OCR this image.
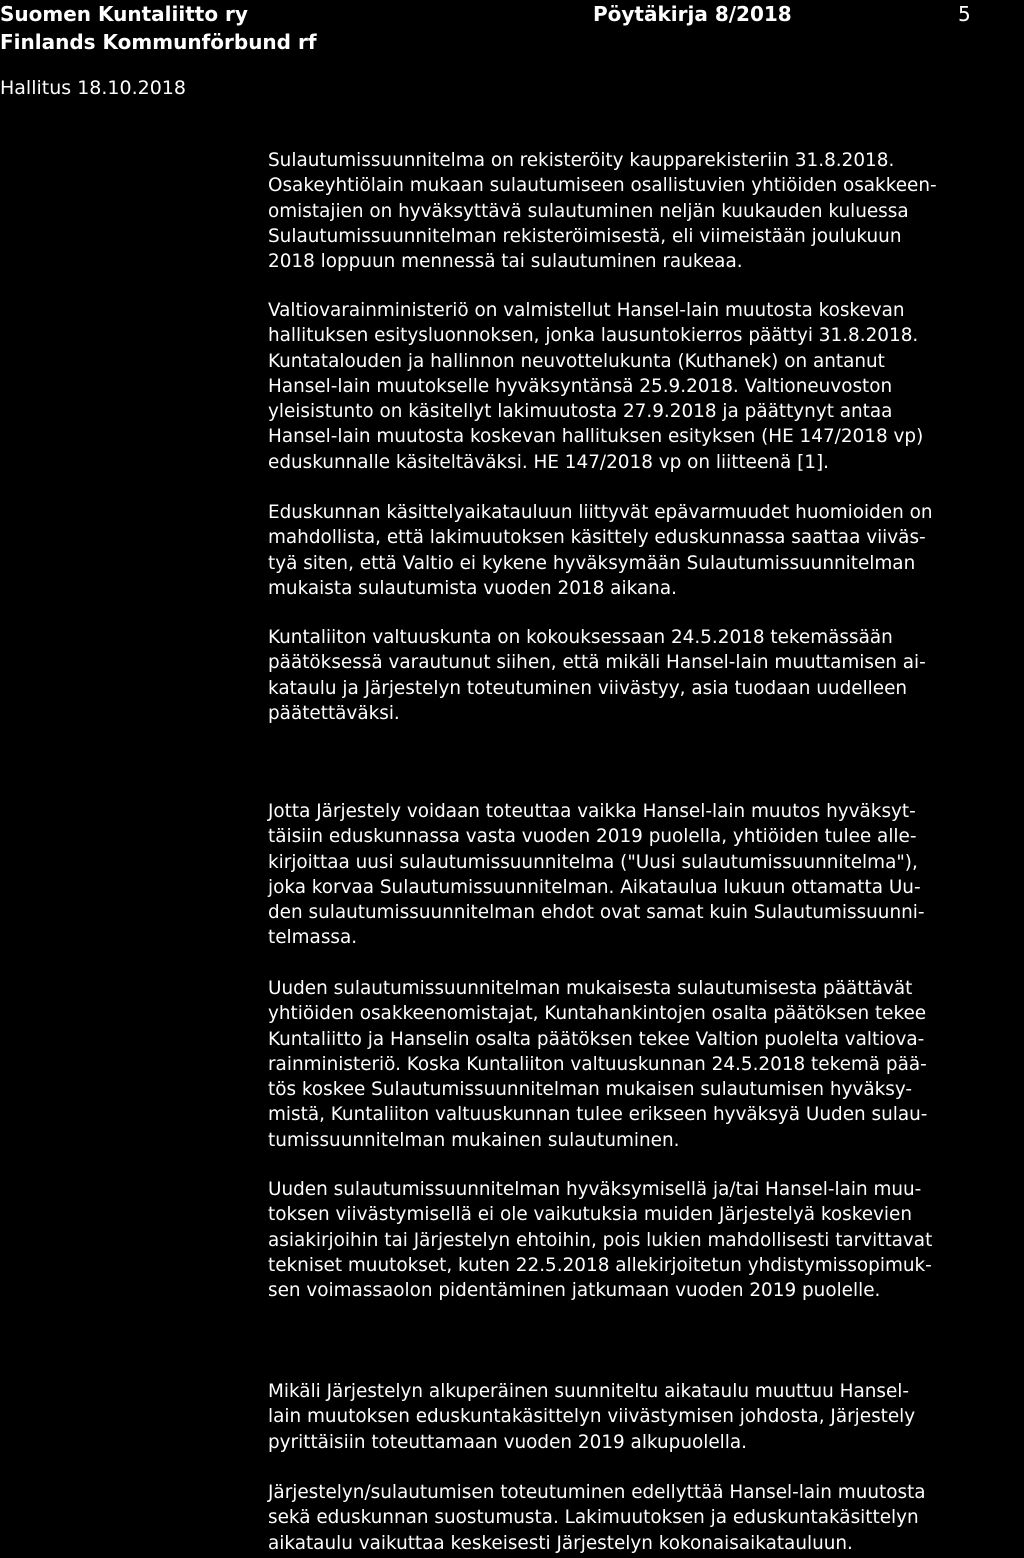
Suomen Kuntaliitto ry
Finlands Kommunförbund rf
Pöytäkirja 8/2018	5
Hallitus 18.10.2018

Sulautumissuunnitelma on rekisteröity kaupparekisteriin 31.8.2018.
Osakeyhtiölain mukaan sulautumiseen osallistuvien yhtiöiden osakkeen-
omistajien on hyväksyttävä sulautuminen neljän kuukauden kuluessa
Sulautumissuunnitelman rekisteröimisestä, eli viimeistään joulukuun
2018 loppuun mennessä tai sulautuminen raukeaa.

Valtiovarainministeriö on valmistellut Hansel-lain muutosta koskevan
hallituksen esitysluonnoksen, jonka lausuntokierros päättyi 31.8.2018.
Kuntatalouden ja hallinnon neuvottelukunta (Kuthanek) on antanut
Hansel-lain muutokselle hyväksyntänsä 25.9.2018. Valtioneuvoston
yleisistunto on käsitellyt lakimuutosta 27.9.2018 ja päättynyt antaa
Hansel-lain muutosta koskevan hallituksen esityksen (HE 147/2018 vp)
eduskunnalle käsiteltäväksi. HE 147/2018 vp on liitteenä [1].

Eduskunnan käsittelyaikatauluun liittyvät epävarmuudet huomioiden on
mahdollista, että lakimuutoksen käsittely eduskunnassa saattaa viiväs-
tyä siten, että Valtio ei kykene hyväksymään Sulautumissuunnitelman
mukaista sulautumista vuoden 2018 aikana.

Kuntaliiton valtuuskunta on kokouksessaan 24.5.2018 tekemässään
päätöksessä varautunut siihen, että mikäli Hansel-lain muuttamisen ai-
kataulu ja Järjestelyn toteutuminen viivästyy, asia tuodaan uudelleen
päätettäväksi.

Jotta Järjestely voidaan toteuttaa vaikka Hansel-lain muutos hyväksyt-
täisiin eduskunnassa vasta vuoden 2019 puolella, yhtiöiden tulee alle-
kirjoittaa uusi sulautumissuunnitelma ("Uusi sulautumissuunnitelma"),
joka korvaa Sulautumissuunnitelman. Aikataulua lukuun ottamatta Uu-
den sulautumissuunnitelman ehdot ovat samat kuin Sulautumissuunni-
telmassa.

Uuden sulautumissuunnitelman mukaisesta sulautumisesta päättävät
yhtiöiden osakkeenomistajat, Kuntahankintojen osalta päätöksen tekee
Kuntaliitto ja Hanselin osalta päätöksen tekee Valtion puolelta valtiova-
rainministeriö. Koska Kuntaliiton valtuuskunnan 24.5.2018 tekemä pää-
tös koskee Sulautumissuunnitelman mukaisen sulautumisen hyväksy-
mistä, Kuntaliiton valtuuskunnan tulee erikseen hyväksyä Uuden sulau-
tumissuunnitelman mukainen sulautuminen.

Uuden sulautumissuunnitelman hyväksymisellä ja/tai Hansel-lain muu-
toksen viivästymisellä ei ole vaikutuksia muiden Järjestelyä koskevien
asiakirjoihin tai Järjestelyn ehtoihin, pois lukien mahdollisesti tarvittavat
tekniset muutokset, kuten 22.5.2018 allekirjoitetun yhdistymissopimuk-
sen voimassaolon pidentäminen jatkumaan vuoden 2019 puolelle.

Mikäli Järjestelyn alkuperäinen suunniteltu aikataulu muuttuu Hansel-
lain muutoksen eduskuntakäsittelyn viivästymisen johdosta, Järjestely
pyrittäisiin toteuttamaan vuoden 2019 alkupuolella.

Järjestelyn/sulautumisen toteutuminen edellyttää Hansel-lain muutosta
sekä eduskunnan suostumusta. Lakimuutoksen ja eduskuntakäsittelyn
aikataulu vaikuttaa keskeisesti Järjestelyn kokonaisaikatauluun.
